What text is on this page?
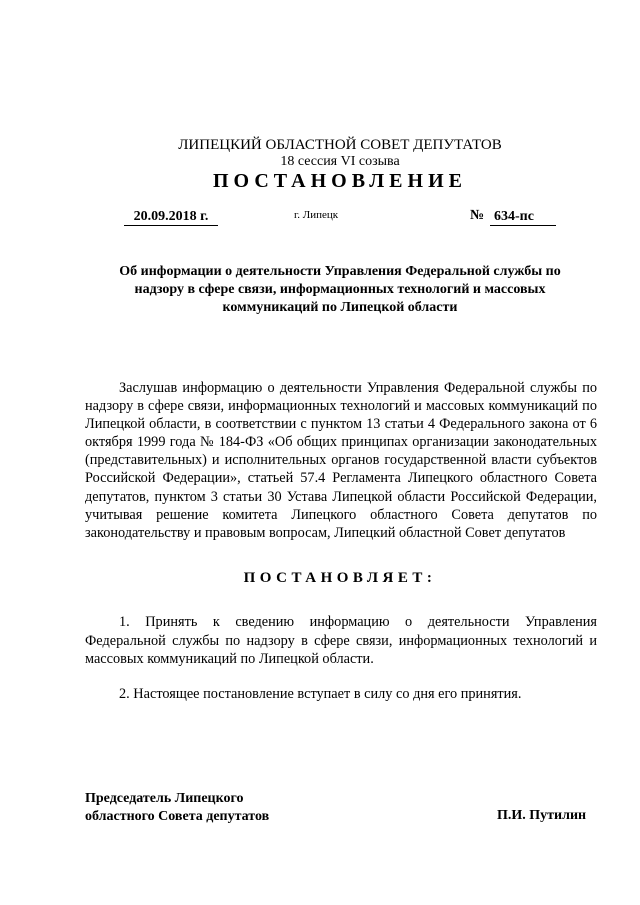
ЛИПЕЦКИЙ ОБЛАСТНОЙ СОВЕТ ДЕПУТАТОВ
18 сессия VI созыва
ПОСТАНОВЛЕНИЕ
20.09.2018 г.	г. Липецк	№ 634-пс
Об информации о деятельности Управления Федеральной службы по
надзору в сфере связи, информационных технологий и массовых
коммуникаций по Липецкой области

Заслушав информацию о деятельности Управления Федеральной службы по надзору в сфере связи, информационных технологий и массовых коммуникаций по Липецкой области, в соответствии с пунктом 13 статьи 4 Федерального закона от 6 октября 1999 года № 184-ФЗ «Об общих принципах организации законодательных (представительных) и исполнительных органов государственной власти субъектов Российской Федерации», статьей 57.4 Регламента Липецкого областного Совета депутатов, пунктом 3 статьи 30 Устава Липецкой области Российской Федерации, учитывая решение комитета Липецкого областного Совета депутатов по законодательству и правовым вопросам, Липецкий областной Совет депутатов

ПОСТАНОВЛЯЕТ:

1. Принять к сведению информацию о деятельности Управления Федеральной службы по надзору в сфере связи, информационных технологий и массовых коммуникаций по Липецкой области.

2. Настоящее постановление вступает в силу со дня его принятия.

Председатель Липецкого
областного Совета депутатов	П.И. Путилин
